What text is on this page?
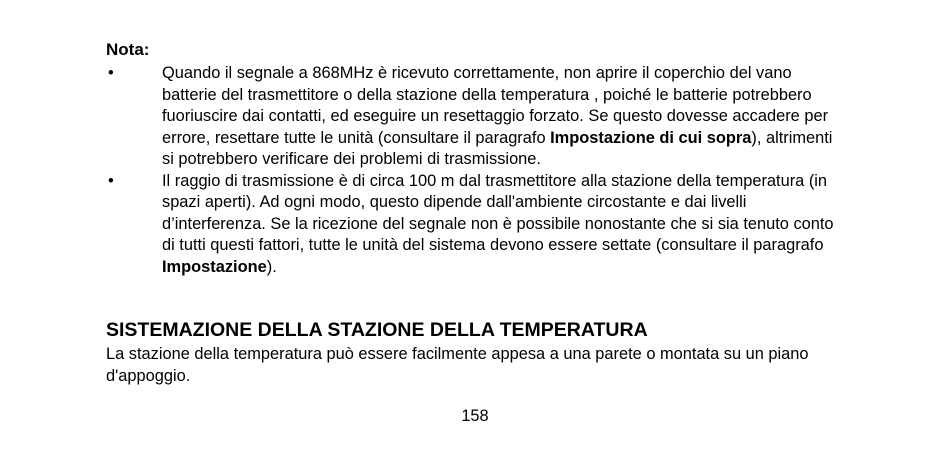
Nota:
•	Quando il segnale a 868MHz è ricevuto correttamente, non aprire il coperchio del vano batterie del trasmettitore o della stazione della temperatura , poiché le batterie potrebbero fuoriuscire dai contatti, ed eseguire un resettaggio forzato. Se questo dovesse accadere per errore, resettare tutte le unità (consultare il paragrafo Impostazione di cui sopra), altrimenti si potrebbero verificare dei problemi di trasmissione.
•	Il raggio di trasmissione è di circa 100 m dal trasmettitore alla stazione della temperatura (in spazi aperti). Ad ogni modo, questo dipende dall'ambiente circostante e dai livelli d’interferenza. Se la ricezione del segnale non è possibile nonostante che si sia tenuto conto di tutti questi fattori, tutte le unità del sistema devono essere settate (consultare il paragrafo Impostazione).
SISTEMAZIONE DELLA STAZIONE DELLA TEMPERATURA
La stazione della temperatura può essere facilmente appesa a una parete o montata su un piano d'appoggio.
158
